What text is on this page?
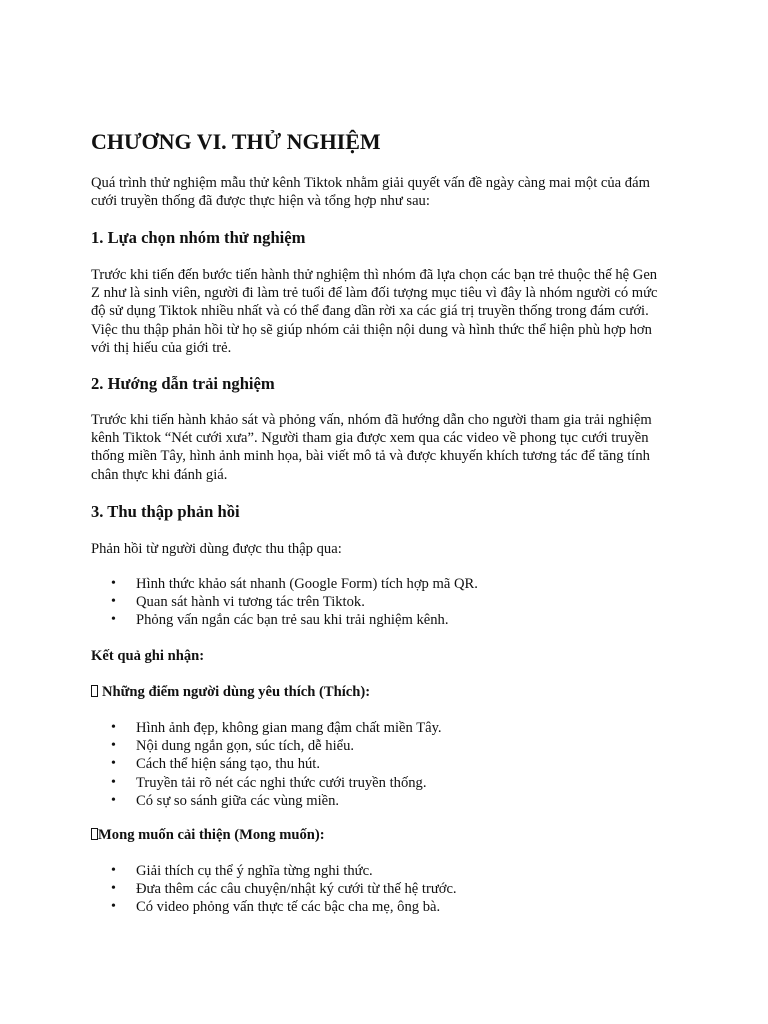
CHƯƠNG VI. THỬ NGHIỆM

Quá trình thử nghiệm mẫu thử kênh Tiktok nhằm giải quyết vấn đề ngày càng mai một của đám
cưới truyền thống đã được thực hiện và tổng hợp như sau:

1. Lựa chọn nhóm thử nghiệm

Trước khi tiến đến bước tiến hành thử nghiệm thì nhóm đã lựa chọn các bạn trẻ thuộc thế hệ Gen
Z như là sinh viên, người đi làm trẻ tuổi để làm đối tượng mục tiêu vì đây là nhóm người có mức
độ sử dụng Tiktok nhiều nhất và có thể đang dần rời xa các giá trị truyền thống trong đám cưới.
Việc thu thập phản hồi từ họ sẽ giúp nhóm cải thiện nội dung và hình thức thể hiện phù hợp hơn
với thị hiếu của giới trẻ.

2. Hướng dẫn trải nghiệm

Trước khi tiến hành khảo sát và phỏng vấn, nhóm đã hướng dẫn cho người tham gia trải nghiệm
kênh Tiktok “Nét cưới xưa”. Người tham gia được xem qua các video về phong tục cưới truyền
thống miền Tây, hình ảnh minh họa, bài viết mô tả và được khuyến khích tương tác để tăng tính
chân thực khi đánh giá.

3. Thu thập phản hồi

Phản hồi từ người dùng được thu thập qua:

• Hình thức khảo sát nhanh (Google Form) tích hợp mã QR.
• Quan sát hành vi tương tác trên Tiktok.
• Phỏng vấn ngắn các bạn trẻ sau khi trải nghiệm kênh.

Kết quả ghi nhận:

Những điểm người dùng yêu thích (Thích):

• Hình ảnh đẹp, không gian mang đậm chất miền Tây.
• Nội dung ngắn gọn, súc tích, dễ hiểu.
• Cách thể hiện sáng tạo, thu hút.
• Truyền tải rõ nét các nghi thức cưới truyền thống.
• Có sự so sánh giữa các vùng miền.

Mong muốn cải thiện (Mong muốn):

• Giải thích cụ thể ý nghĩa từng nghi thức.
• Đưa thêm các câu chuyện/nhật ký cưới từ thế hệ trước.
• Có video phỏng vấn thực tế các bậc cha mẹ, ông bà.
